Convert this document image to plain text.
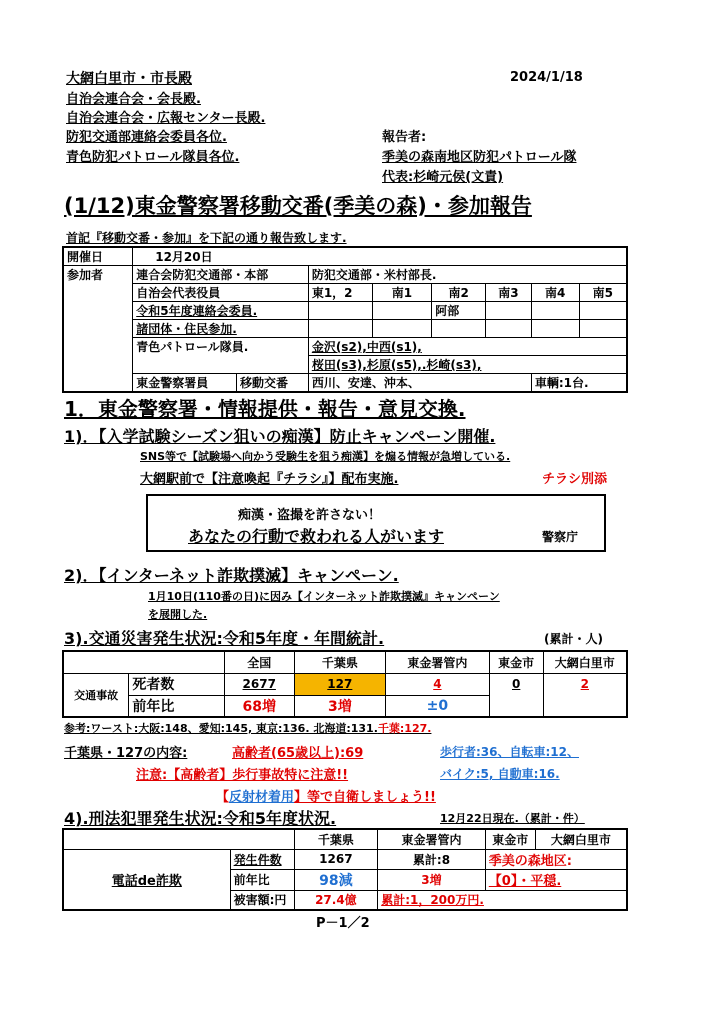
大網白里市・市長殿	2024/1/18
自治会連合会・会長殿.
自治会連合会・広報センター長殿.
防犯交通部連絡会委員各位.
青色防犯パトロール隊員各位.
報告者:
季美の森南地区防犯パトロール隊
代表:杉崎元侯(文責)
(1/12)東金警察署移動交番(季美の森)・参加報告
首記『移動交番・参加』を下記の通り報告致します.
開催日	12月20日							
参加者	連合会防犯交通部・本部		防犯交通部・米村部長.					
	自治会代表役員		東1，2	南1	南2	南3	南4	南5
	令和5年度連絡会委員.				阿部			
	諸団体・住民参加.							
	青色パトロール隊員.		金沢(s2),中西(s1),					
			桜田(s3),杉原(s5),.杉崎(s3),					
	東金警察署員	移動交番	西川、安達、沖本、				車輌:1台.	
1．東金警察署・情報提供・報告・意見交換.
1)．【入学試験シーズン狙いの痴漢】防止キャンペーン開催.
SNS等で【試験場へ向かう受験生を狙う痴漢】を煽る情報が急増している.
大網駅前で【注意喚起『チラシ』】配布実施.	チラシ別添
痴漢・盗撮を許さない！
あなたの行動で救われる人がいます	警察庁
2)．【インターネット詐欺撲滅】キャンペーン.
1月10日(110番の日)に因み【インターネット詐欺撲滅』キャンペーン
を展開した.
3).交通災害発生状況:令和5年度・年間統計.	(累計・人)
		全国	千葉県	東金署管内	東金市	大網白里市
交通事故	死者数	2677	127	4	0	2
	前年比	68増	3増	±0		
参考:ワースト:大阪:148、愛知:145, 東京:136. 北海道:131.千葉:127.
千葉県・127の内容:	高齢者(65歳以上):69	歩行者:36、自転車:12、
注意:【高齢者】歩行事故特に注意!!	バイク:5, 自動車:16.
【反射材着用】等で自衛しましょう!!
4).刑法犯罪発生状況:令和5年度状況.	12月22日現在.（累計・件）
		千葉県	東金署管内	東金市	大網白里市
電話de詐欺	発生件数	1267	累計:8	季美の森地区:	
	前年比	98減	3増	【0】・平穏.	
	被害額:円	27.4億	累計:1，200万円.		
P－1／2
